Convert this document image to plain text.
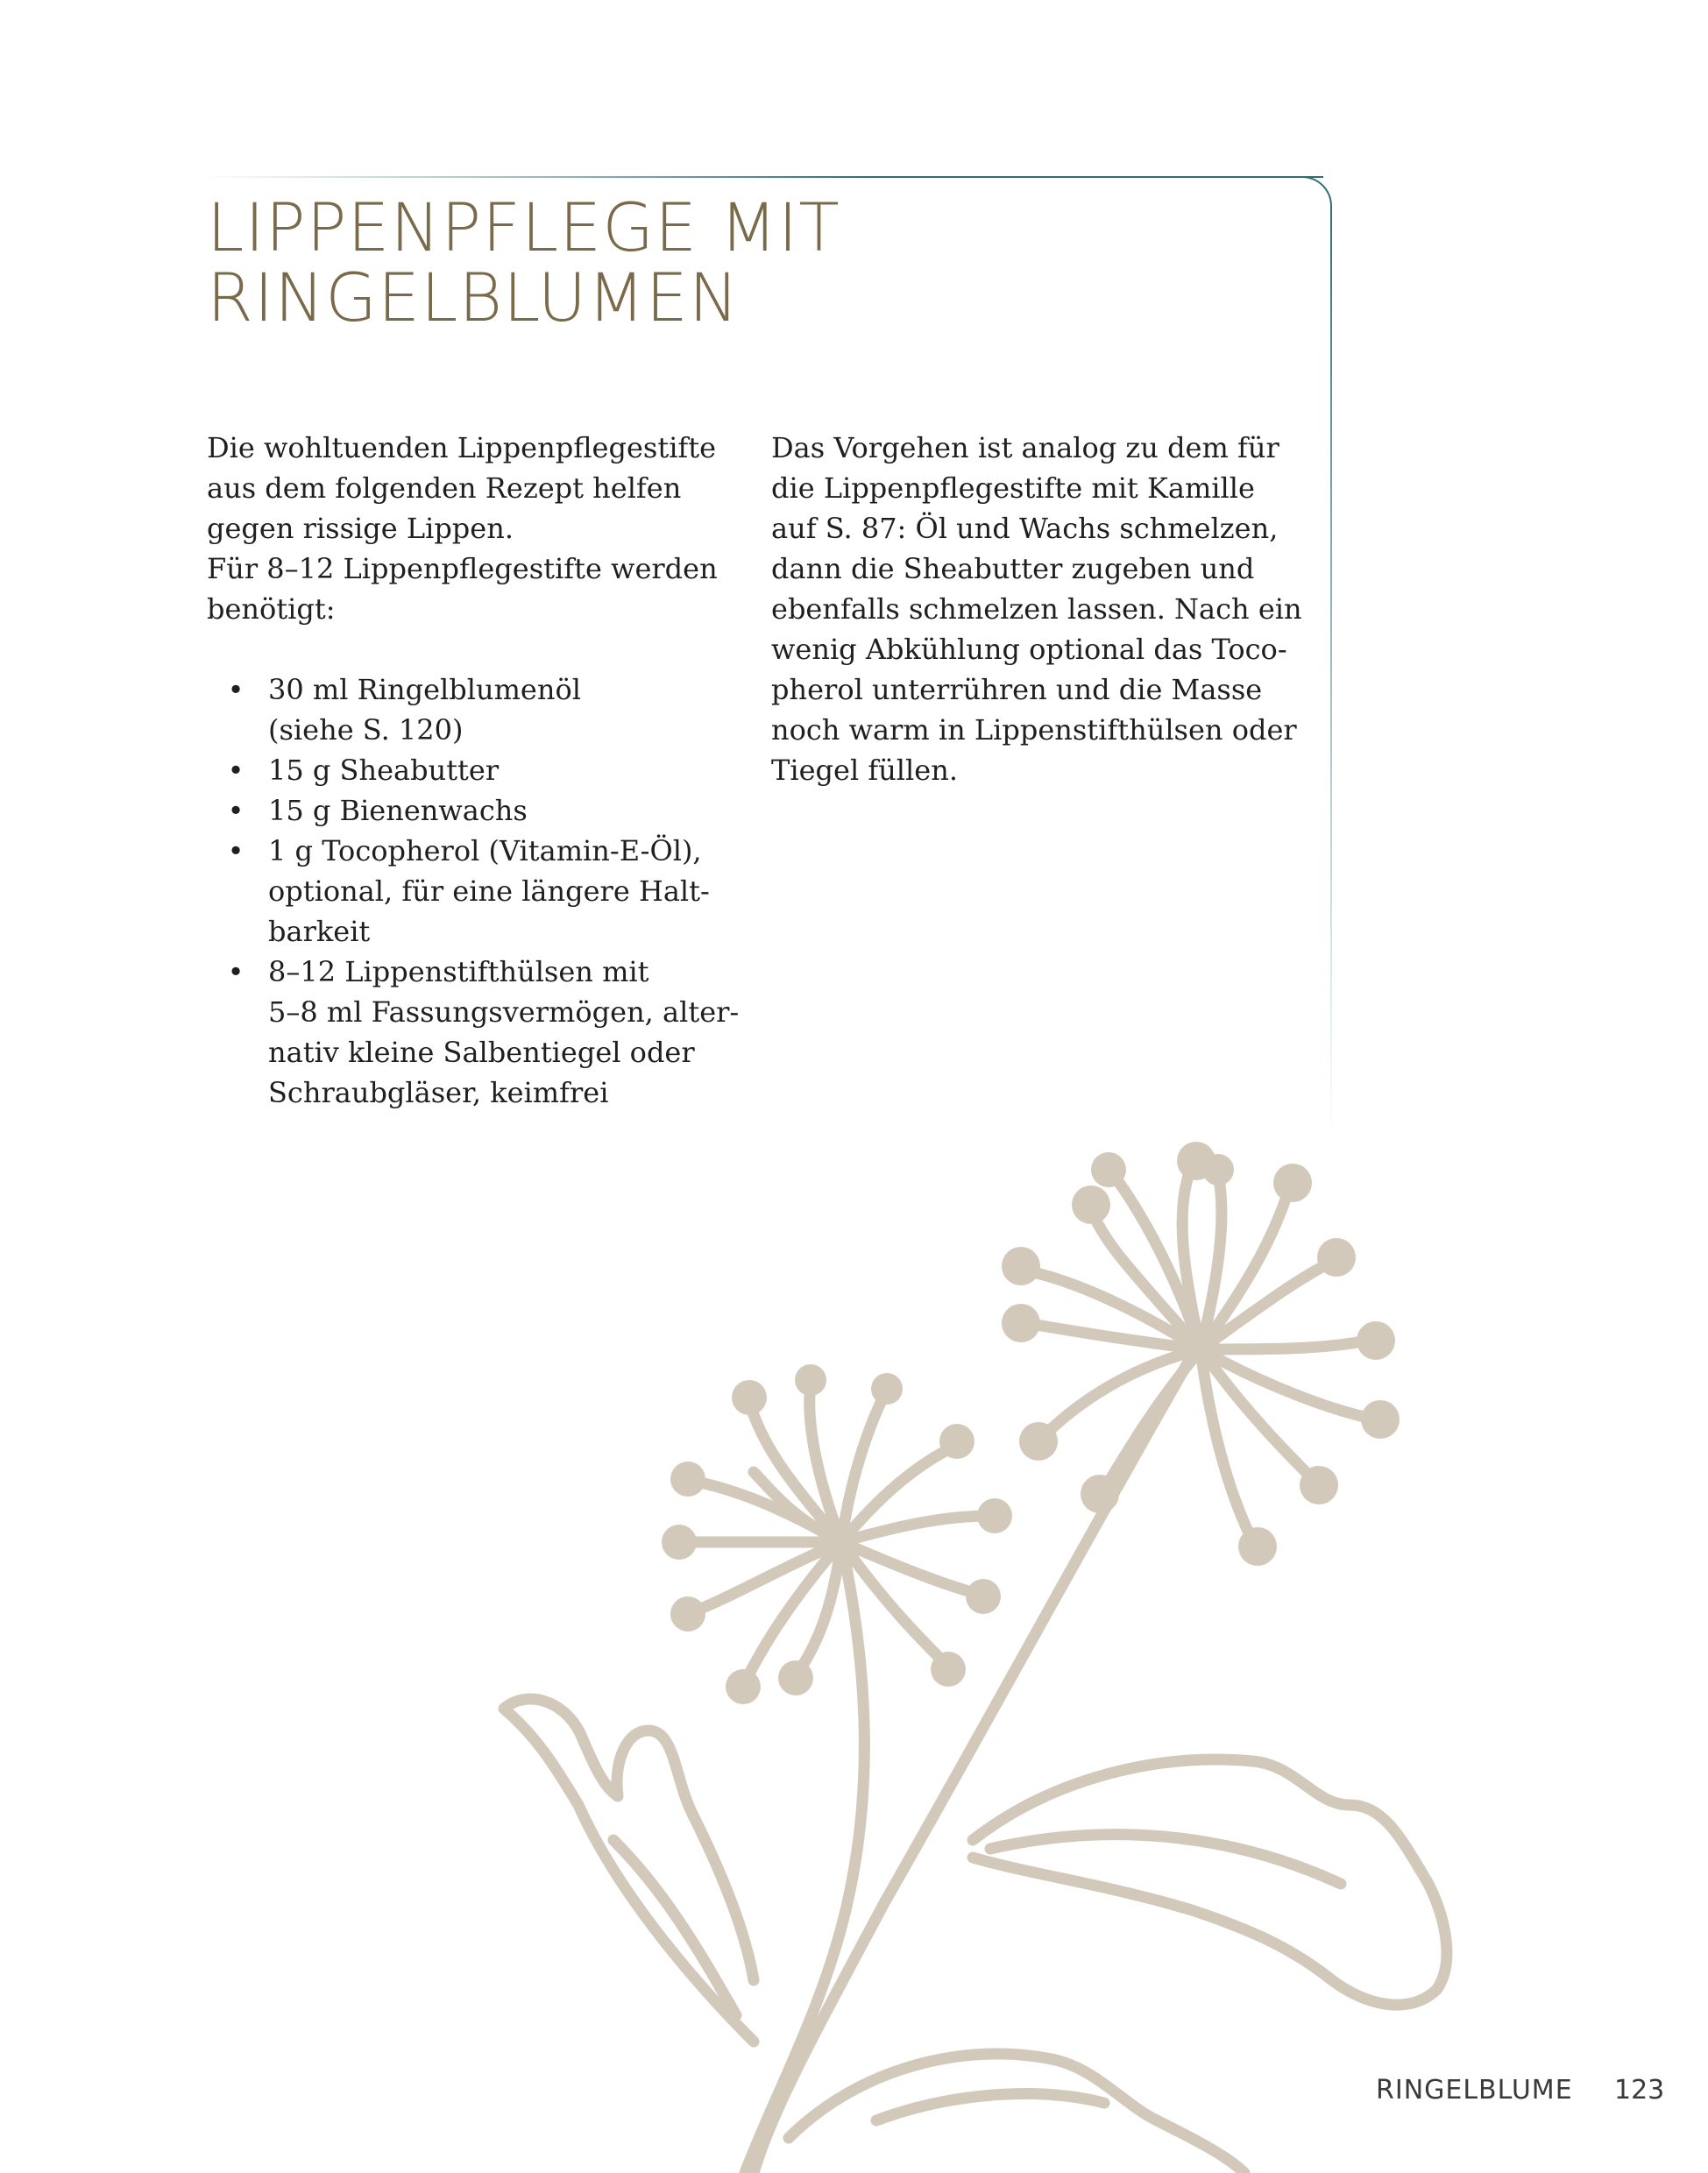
LIPPENPFLEGE MIT
RINGELBLUMEN

Die wohltuenden Lippenpflegestifte
aus dem folgenden Rezept helfen
gegen rissige Lippen.
Für 8–12 Lippenpflegestifte werden
benötigt:

• 30 ml Ringelblumenöl
(siehe S. 120)
• 15 g Sheabutter
• 15 g Bienenwachs
• 1 g Tocopherol (Vitamin-E-Öl),
optional, für eine längere Halt-
barkeit
• 8–12 Lippenstifthülsen mit
5–8 ml Fassungsvermögen, alter-
nativ kleine Salbentiegel oder
Schraubgläser, keimfrei

Das Vorgehen ist analog zu dem für
die Lippenpflegestifte mit Kamille
auf S. 87: Öl und Wachs schmelzen,
dann die Sheabutter zugeben und
ebenfalls schmelzen lassen. Nach ein
wenig Abkühlung optional das Toco-
pherol unterrühren und die Masse
noch warm in Lippenstifthülsen oder
Tiegel füllen.

RINGELBLUME 123
